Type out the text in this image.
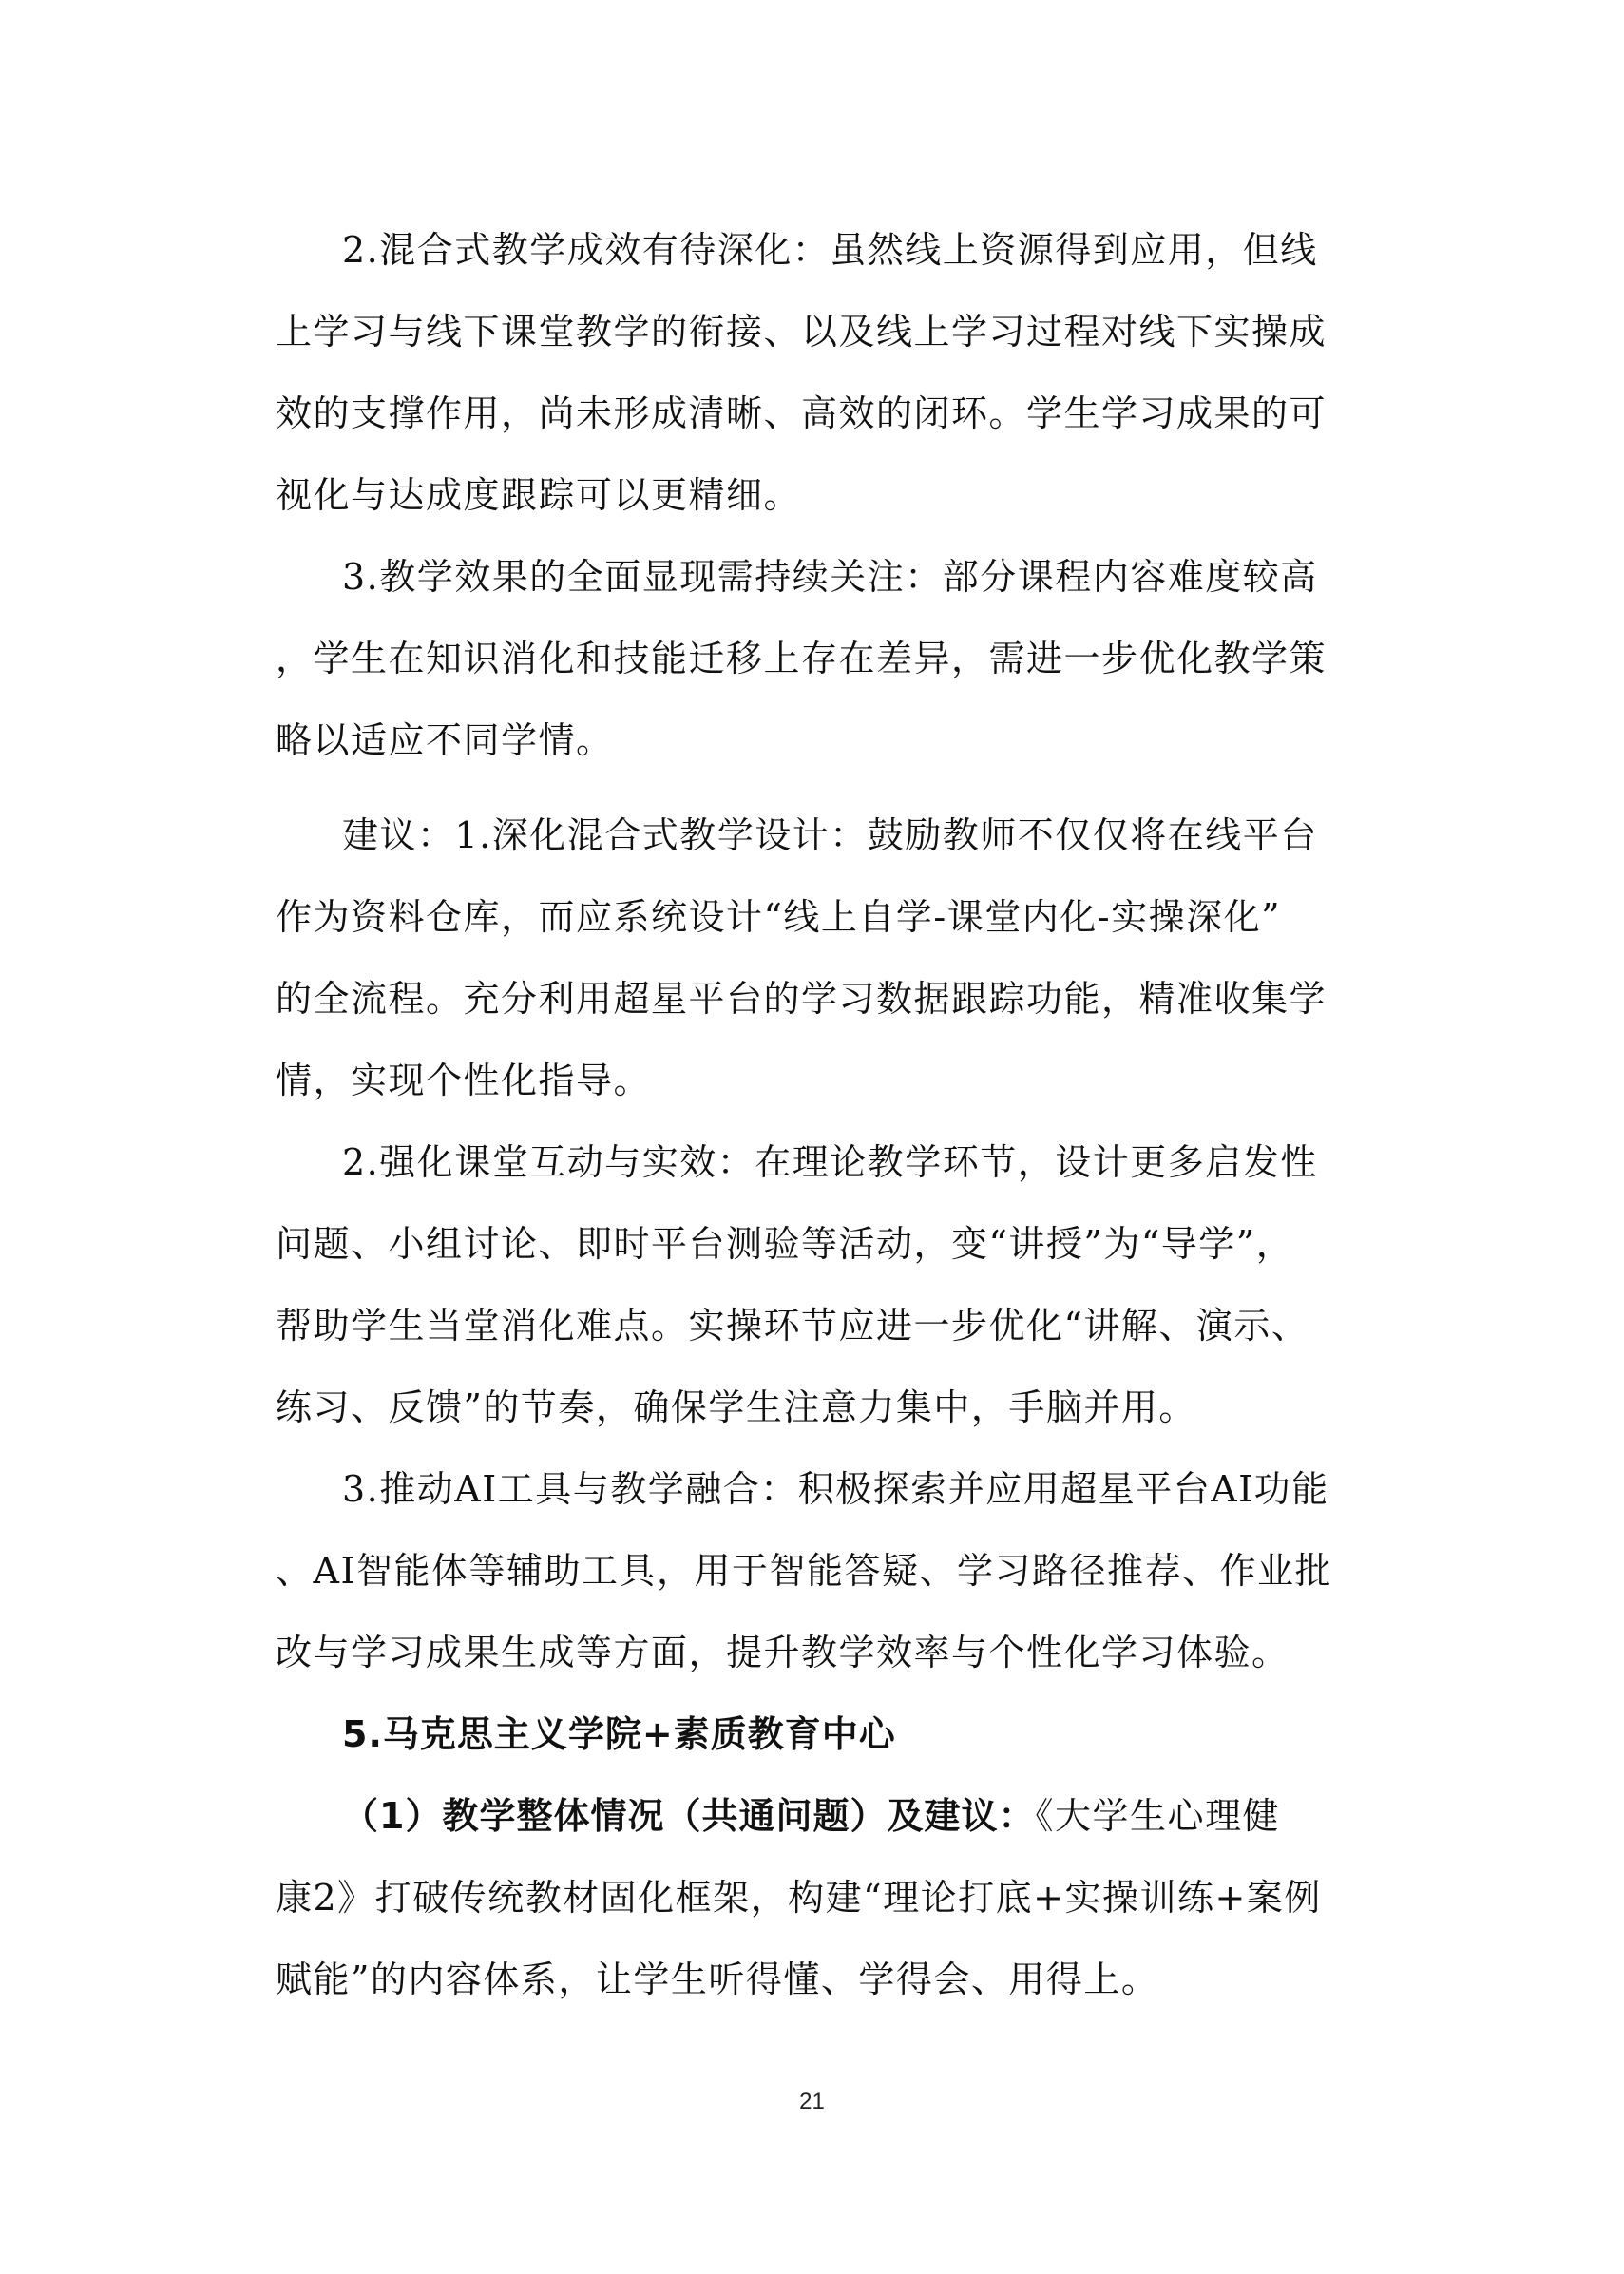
2.混合式教学成效有待深化：虽然线上资源得到应用，但线
上学习与线下课堂教学的衔接、以及线上学习过程对线下实操成
效的支撑作用，尚未形成清晰、高效的闭环。学生学习成果的可
视化与达成度跟踪可以更精细。
3.教学效果的全面显现需持续关注：部分课程内容难度较高
，学生在知识消化和技能迁移上存在差异，需进一步优化教学策
略以适应不同学情。
建议：1.深化混合式教学设计：鼓励教师不仅仅将在线平台
作为资料仓库，而应系统设计“线上自学-课堂内化-实操深化”
的全流程。充分利用超星平台的学习数据跟踪功能，精准收集学
情，实现个性化指导。
2.强化课堂互动与实效：在理论教学环节，设计更多启发性
问题、小组讨论、即时平台测验等活动，变“讲授”为“导学”，
帮助学生当堂消化难点。实操环节应进一步优化“讲解、演示、
练习、反馈”的节奏，确保学生注意力集中，手脑并用。
3.推动AI工具与教学融合：积极探索并应用超星平台AI功能
、AI智能体等辅助工具，用于智能答疑、学习路径推荐、作业批
改与学习成果生成等方面，提升教学效率与个性化学习体验。
5.马克思主义学院+素质教育中心
（1）教学整体情况（共通问题）及建议：《大学生心理健
康2》打破传统教材固化框架，构建“理论打底+实操训练+案例
赋能”的内容体系，让学生听得懂、学得会、用得上。
21
